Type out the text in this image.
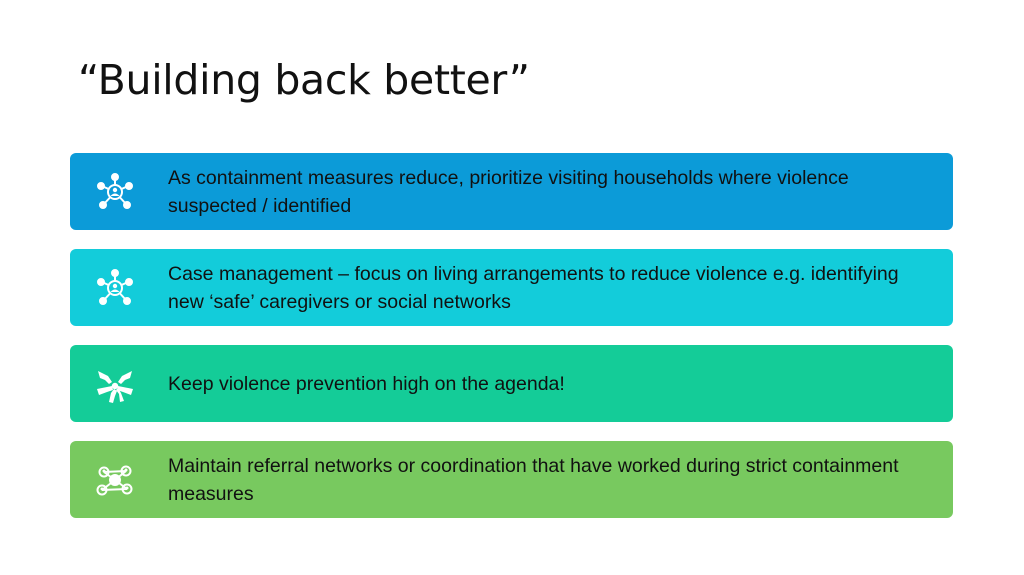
“Building back better”
As containment measures reduce, prioritize visiting households where violence suspected / identified
Case management – focus on living arrangements to reduce violence e.g. identifying new ‘safe’ caregivers or social networks
Keep violence prevention high on the agenda!
Maintain referral networks or coordination that have worked during strict containment measures
